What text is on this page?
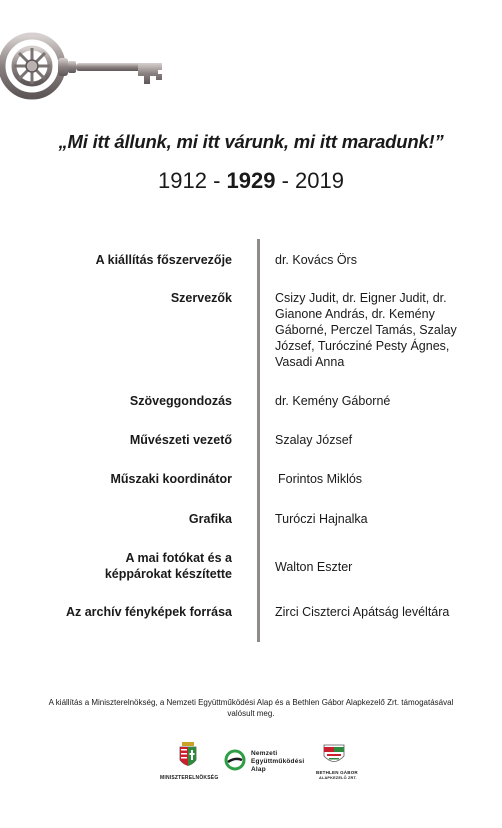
„Mi itt állunk, mi itt várunk, mi itt maradunk!”
1912 - 1929 - 2019
A kiállítás főszervezője	dr. Kovács Örs
Szervezők	Csizy Judit, dr. Eigner Judit, dr. Gianone András, dr. Kemény Gáborné, Perczel Tamás, Szalay József, Turócziné Pesty Ágnes, Vasadi Anna
Szöveggondozás	dr. Kemény Gáborné
Művészeti vezető	Szalay József
Műszaki koordinátor	Forintos Miklós
Grafika	Turóczi Hajnalka
A mai fotókat és a képpárokat készítette	Walton Eszter
Az archív fényképek forrása	Zirci Ciszterci Apátság levéltára
A kiállítás a Miniszterelnökség, a Nemzeti Együttműködési Alap és a Bethlen Gábor Alapkezelő Zrt. támogatásával valósult meg.
MINISZTERELNÖKSÉG
Nemzeti
Együttműködési
Alap	BETHLEN GÁBOR
ALAPKEZELŐ ZRT.
